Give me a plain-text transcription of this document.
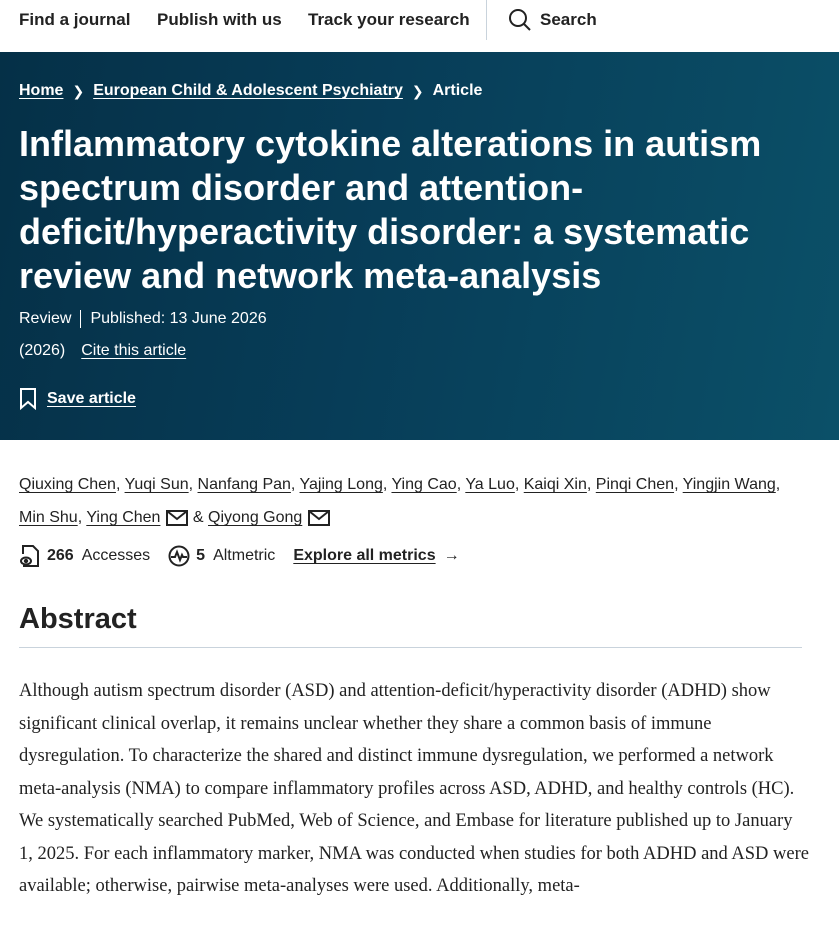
Find a journal Publish with us Track your research	Search
Home ❯ European Child & Adolescent Psychiatry ❯ Article
Inflammatory cytokine alterations in autism spectrum disorder and attention-deficit/hyperactivity disorder: a systematic review and network meta-analysis
Review Published: 13 June 2026
(2026) Cite this article
Save article
Qiuxing Chen, Yuqi Sun, Nanfang Pan, Yajing Long, Ying Cao, Ya Luo, Kaiqi Xin, Pinqi Chen, Yingjin Wang,
Min Shu, Ying Chen & Qiyong Gong
266 Accesses	5 Altmetric Explore all metrics →
Abstract

Although autism spectrum disorder (ASD) and attention-deficit/hyperactivity disorder (ADHD) show significant clinical overlap, it remains unclear whether they share a common basis of immune dysregulation. To characterize the shared and distinct immune dysregulation, we performed a network meta-analysis (NMA) to compare inflammatory profiles across ASD, ADHD, and healthy controls (HC). We systematically searched PubMed, Web of Science, and Embase for literature published up to January 1, 2025. For each inflammatory marker, NMA was conducted when studies for both ADHD and ASD were available; otherwise, pairwise meta-analyses were used. Additionally, meta-
